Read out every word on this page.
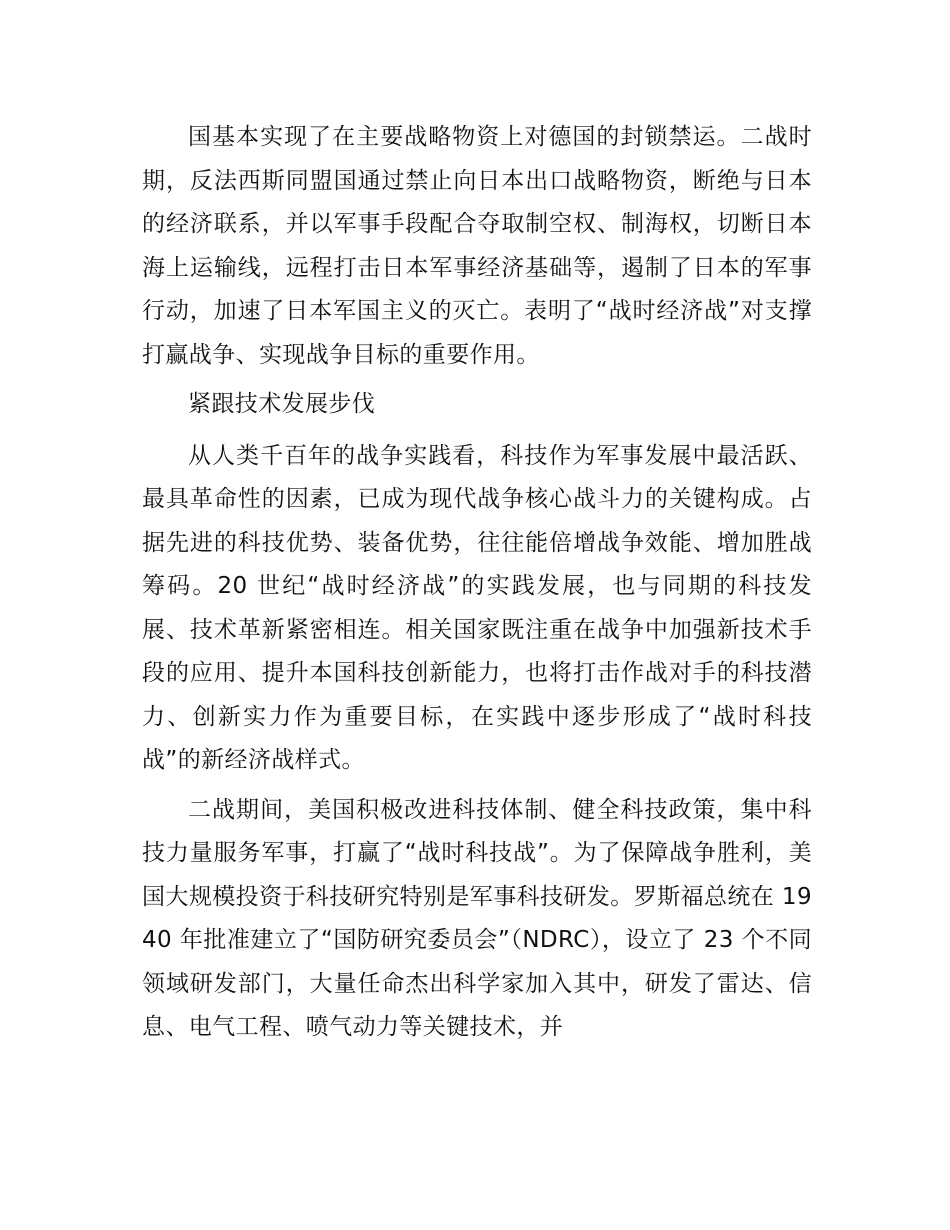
国基本实现了在主要战略物资上对德国的封锁禁运。二战时期，反法西斯同盟国通过禁止向日本出口战略物资，断绝与日本的经济联系，并以军事手段配合夺取制空权、制海权，切断日本海上运输线，远程打击日本军事经济基础等，遏制了日本的军事行动，加速了日本军国主义的灭亡。表明了“战时经济战”对支撑打赢战争、实现战争目标的重要作用。

紧跟技术发展步伐

从人类千百年的战争实践看，科技作为军事发展中最活跃、最具革命性的因素，已成为现代战争核心战斗力的关键构成。占据先进的科技优势、装备优势，往往能倍增战争效能、增加胜战筹码。20 世纪“战时经济战”的实践发展，也与同期的科技发展、技术革新紧密相连。相关国家既注重在战争中加强新技术手段的应用、提升本国科技创新能力，也将打击作战对手的科技潜力、创新实力作为重要目标，在实践中逐步形成了“战时科技战”的新经济战样式。

二战期间，美国积极改进科技体制、健全科技政策，集中科技力量服务军事，打赢了“战时科技战”。为了保障战争胜利，美国大规模投资于科技研究特别是军事科技研发。罗斯福总统在 1940 年批准建立了“国防研究委员会”（NDRC），设立了 23 个不同领域研发部门，大量任命杰出科学家加入其中，研发了雷达、信息、电气工程、喷气动力等关键技术，并
